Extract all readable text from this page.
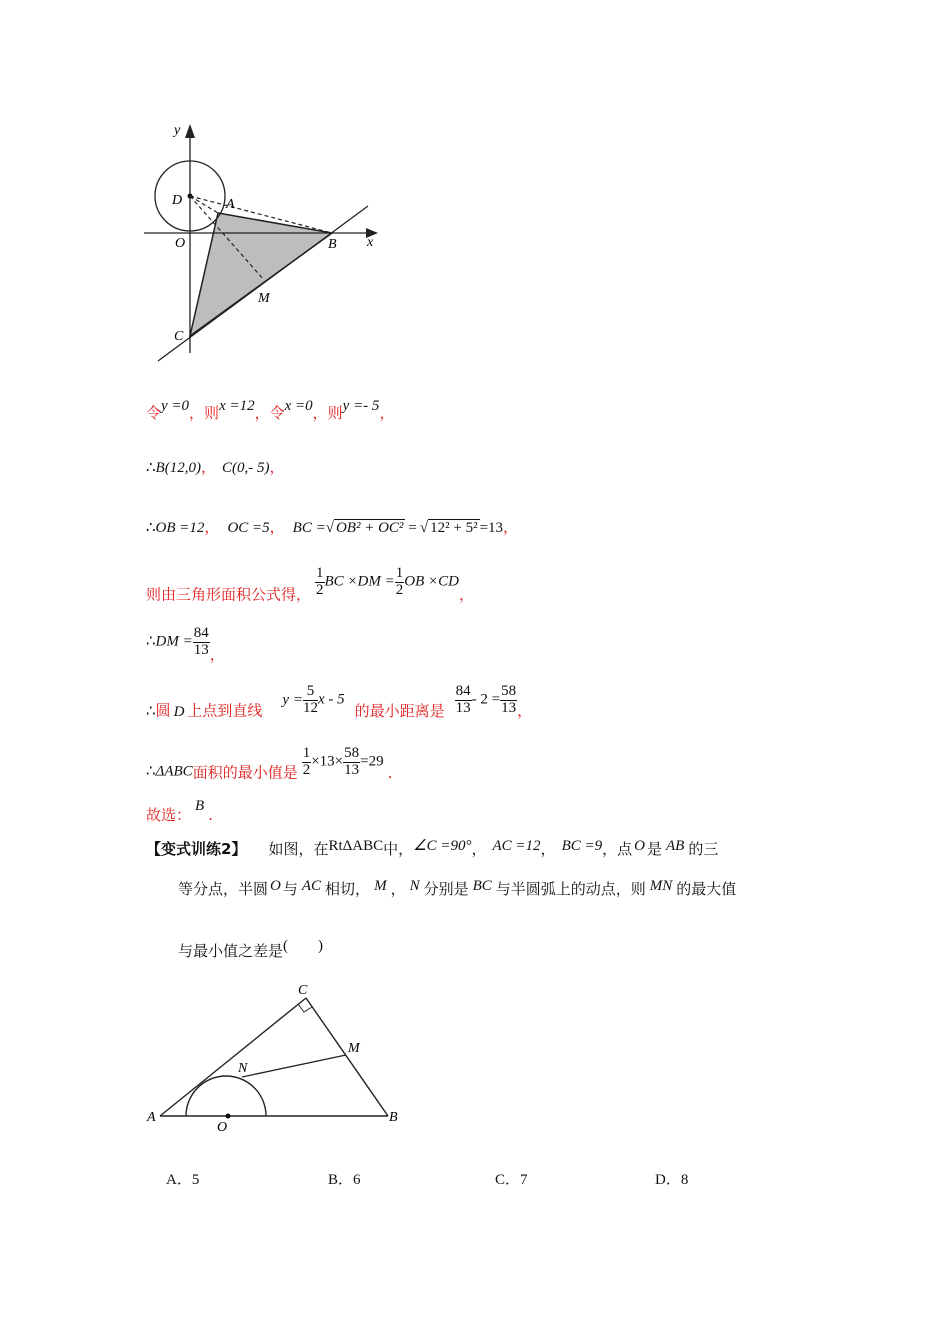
y
x
D	A
O	B
M
C
令y =0，则x =12，令x =0，则y =- 5，
∴B(12,0)， C(0,- 5)，
∴OB =12， OC =5， BC =√ OB² + OC² = √ 12² + 5² =13，
则由三角形面积公式得， $\frac{1}{2}$ BC $\times DM = \frac{1}{2}$ OB ×CD，
∴DM = $\frac{84}{13}$ ，
∴圆 D 上点到直线$y = \frac{5}{12}$ x - 5的最小距离是 $\frac{84}{13} - 2 = \frac{58}{13}$ ，
∴ΔABC面积的最小值是 $\frac{1}{2} \times 13\times \frac{58}{13} =29$.
故选： B .
【变式训练2】 如图，在RtΔABC中，∠C =90°， AC =12， BC =9，点 O 是 AB 的三
等分点，半圆 O 与 AC 相切， M ， N 分别是 BC 与半圆弧上的动点，则 MN 的最大值
与最小值之差是(　　)
C
M
N
A
O
B
A．5	B．6	C．7	D．8
